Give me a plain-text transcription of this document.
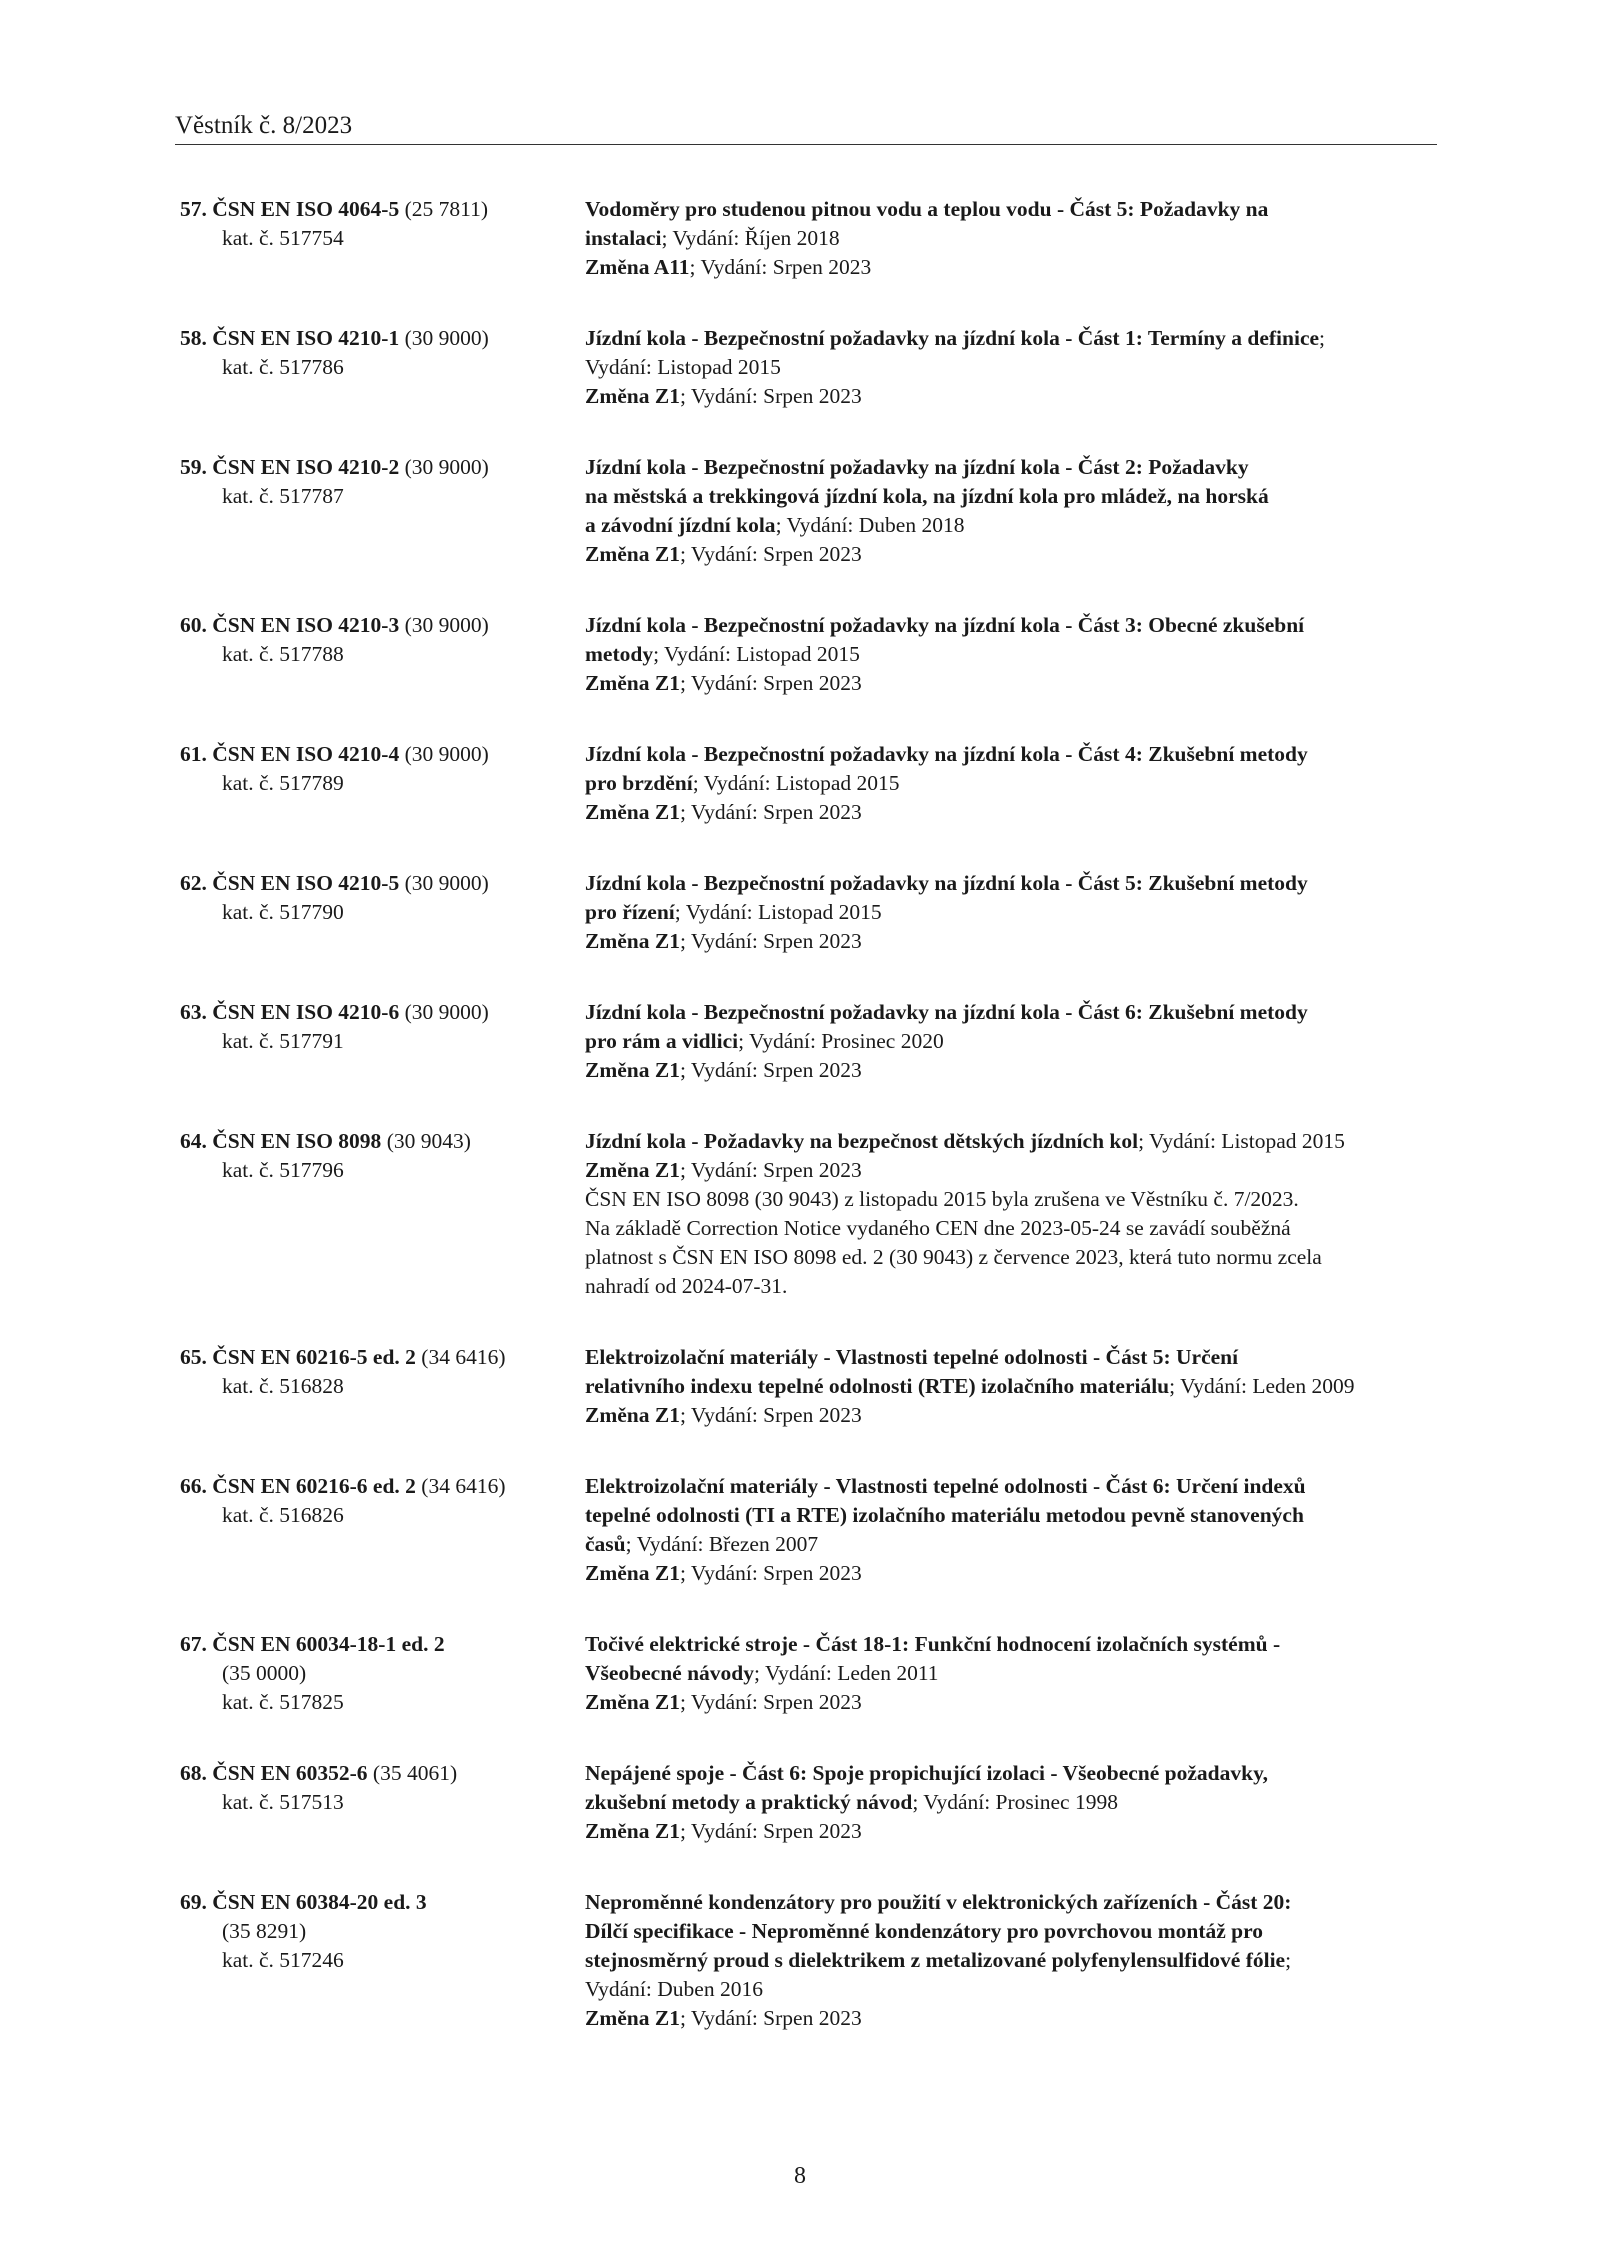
Věstník č. 8/2023
57. ČSN EN ISO 4064-5 (25 7811)
kat. č. 517754
Vodoměry pro studenou pitnou vodu a teplou vodu - Část 5: Požadavky na
instalaci; Vydání: Říjen 2018
Změna A11; Vydání: Srpen 2023
58. ČSN EN ISO 4210-1 (30 9000)
kat. č. 517786
Jízdní kola - Bezpečnostní požadavky na jízdní kola - Část 1: Termíny a definice;
Vydání: Listopad 2015
Změna Z1; Vydání: Srpen 2023
59. ČSN EN ISO 4210-2 (30 9000)
kat. č. 517787
Jízdní kola - Bezpečnostní požadavky na jízdní kola - Část 2: Požadavky
na městská a trekkingová jízdní kola, na jízdní kola pro mládež, na horská
a závodní jízdní kola; Vydání: Duben 2018
Změna Z1; Vydání: Srpen 2023
60. ČSN EN ISO 4210-3 (30 9000)
kat. č. 517788
Jízdní kola - Bezpečnostní požadavky na jízdní kola - Část 3: Obecné zkušební
metody; Vydání: Listopad 2015
Změna Z1; Vydání: Srpen 2023
61. ČSN EN ISO 4210-4 (30 9000)
kat. č. 517789
Jízdní kola - Bezpečnostní požadavky na jízdní kola - Část 4: Zkušební metody
pro brzdění; Vydání: Listopad 2015
Změna Z1; Vydání: Srpen 2023
62. ČSN EN ISO 4210-5 (30 9000)
kat. č. 517790
Jízdní kola - Bezpečnostní požadavky na jízdní kola - Část 5: Zkušební metody
pro řízení; Vydání: Listopad 2015
Změna Z1; Vydání: Srpen 2023
63. ČSN EN ISO 4210-6 (30 9000)
kat. č. 517791
Jízdní kola - Bezpečnostní požadavky na jízdní kola - Část 6: Zkušební metody
pro rám a vidlici; Vydání: Prosinec 2020
Změna Z1; Vydání: Srpen 2023
64. ČSN EN ISO 8098 (30 9043)
kat. č. 517796
Jízdní kola - Požadavky na bezpečnost dětských jízdních kol; Vydání: Listopad 2015
Změna Z1; Vydání: Srpen 2023
ČSN EN ISO 8098 (30 9043) z listopadu 2015 byla zrušena ve Věstníku č. 7/2023.
Na základě Correction Notice vydaného CEN dne 2023-05-24 se zavádí souběžná
platnost s ČSN EN ISO 8098 ed. 2 (30 9043) z července 2023, která tuto normu zcela
nahradí od 2024-07-31.
65. ČSN EN 60216-5 ed. 2 (34 6416)
kat. č. 516828
Elektroizolační materiály - Vlastnosti tepelné odolnosti - Část 5: Určení
relativního indexu tepelné odolnosti (RTE) izolačního materiálu; Vydání: Leden 2009
Změna Z1; Vydání: Srpen 2023
66. ČSN EN 60216-6 ed. 2 (34 6416)
kat. č. 516826
Elektroizolační materiály - Vlastnosti tepelné odolnosti - Část 6: Určení indexů
tepelné odolnosti (TI a RTE) izolačního materiálu metodou pevně stanovených
časů; Vydání: Březen 2007
Změna Z1; Vydání: Srpen 2023
67. ČSN EN 60034-18-1 ed. 2
(35 0000)
kat. č. 517825
Točivé elektrické stroje - Část 18-1: Funkční hodnocení izolačních systémů -
Všeobecné návody; Vydání: Leden 2011
Změna Z1; Vydání: Srpen 2023
68. ČSN EN 60352-6 (35 4061)
kat. č. 517513
Nepájené spoje - Část 6: Spoje propichující izolaci - Všeobecné požadavky,
zkušební metody a praktický návod; Vydání: Prosinec 1998
Změna Z1; Vydání: Srpen 2023
69. ČSN EN 60384-20 ed. 3
(35 8291)
kat. č. 517246
Neproměnné kondenzátory pro použití v elektronických zařízeních - Část 20:
Dílčí specifikace - Neproměnné kondenzátory pro povrchovou montáž pro
stejnosměrný proud s dielektrikem z metalizované polyfenylensulfidové fólie;
Vydání: Duben 2016
Změna Z1; Vydání: Srpen 2023
8
